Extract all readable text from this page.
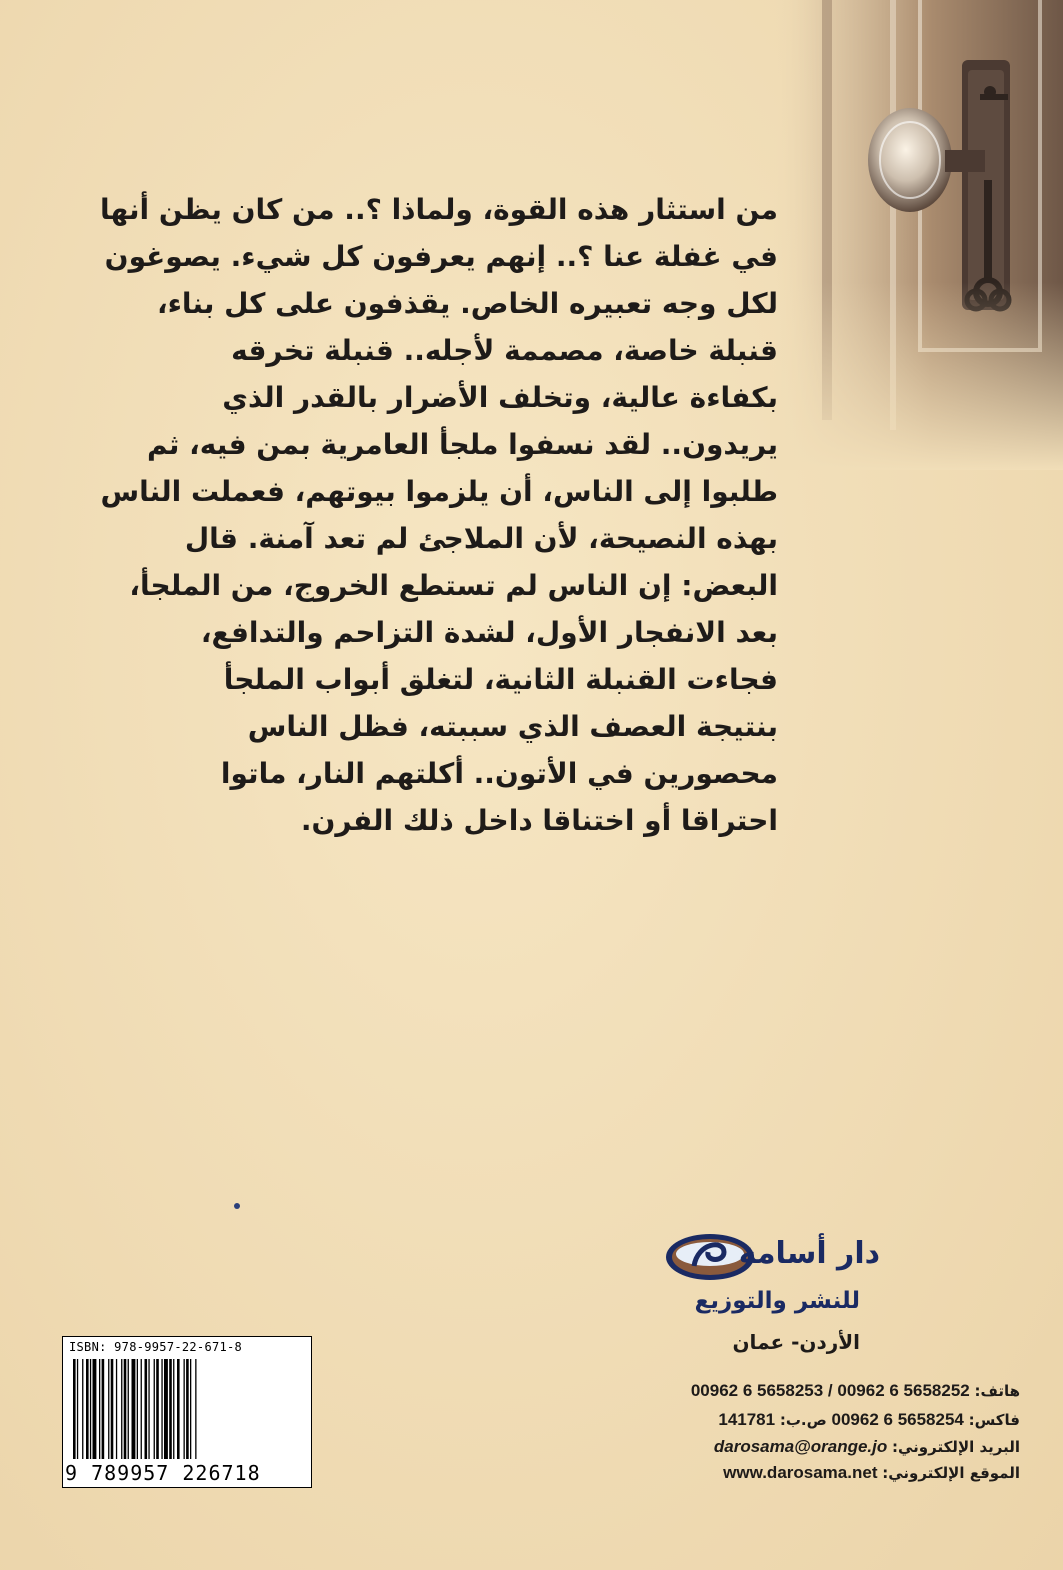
من استثار هذه القوة، ولماذا ؟.. من كان يظن أنها
في غفلة عنا ؟.. إنهم يعرفون كل شيء. يصوغون
لكل وجه تعبيره الخاص. يقذفون على كل بناء،
قنبلة خاصة، مصممة لأجله.. قنبلة تخرقه
بكفاءة عالية، وتخلف الأضرار بالقدر الذي
يريدون.. لقد نسفوا ملجأ العامرية بمن فيه، ثم
طلبوا إلى الناس، أن يلزموا بيوتهم، فعملت الناس
بهذه النصيحة، لأن الملاجئ لم تعد آمنة. قال
البعض: إن الناس لم تستطع الخروج، من الملجأ،
بعد الانفجار الأول، لشدة التزاحم والتدافع،
فجاءت القنبلة الثانية، لتغلق أبواب الملجأ
بنتيجة العصف الذي سببته، فظل الناس
محصورين في الأتون.. أكلتهم النار، ماتوا
احتراقا أو اختناقا داخل ذلك الفرن.

دار أسامة
للنشر والتوزيع
الأردن- عمان
هاتف: 00962 6 5658253 / 00962 6 5658252
فاكس: 00962 6 5658254 ص.ب: 141781
البريد الإلكتروني: darosama@orange.jo
الموقع الإلكتروني: www.darosama.net
ISBN: 978-9957-22-671-8
9 789957 226718
